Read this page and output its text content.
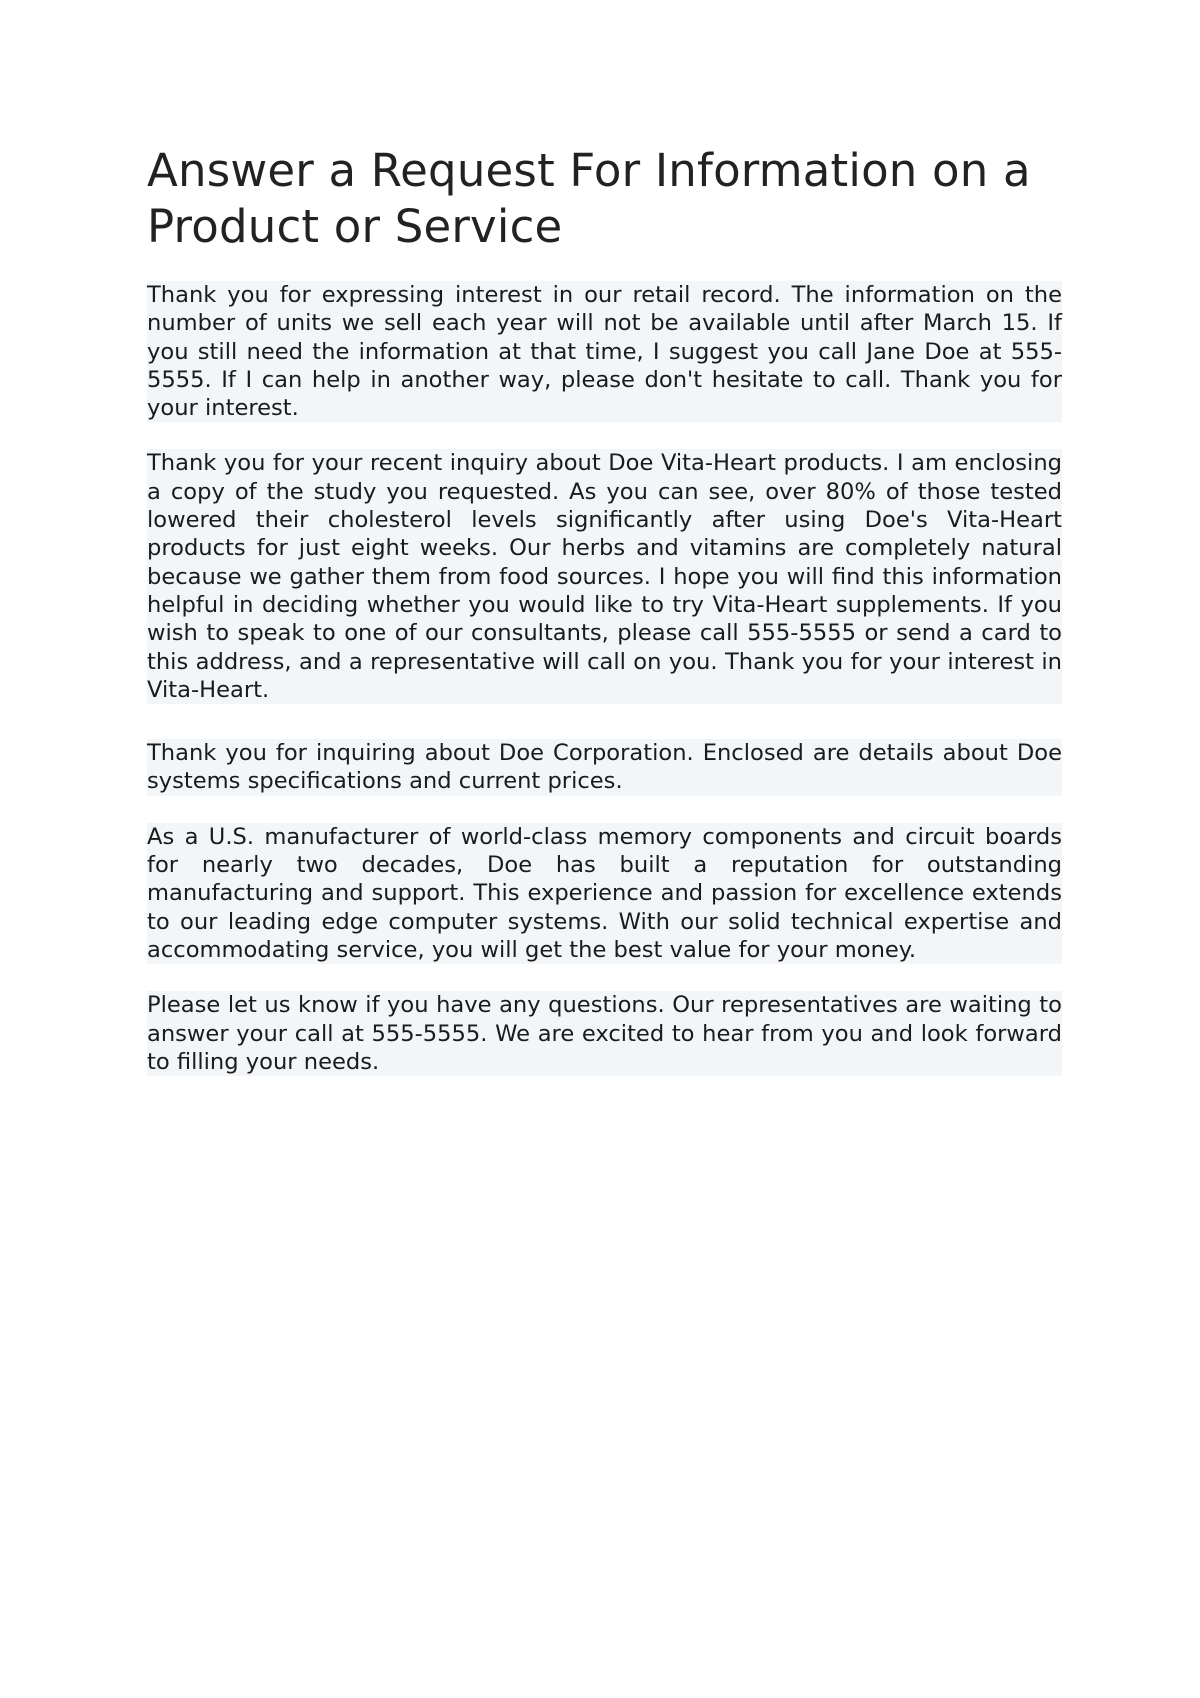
Answer a Request For Information on a Product or Service

Thank you for expressing interest in our retail record. The information on the number of units we sell each year will not be available until after March 15. If you still need the information at that time, I suggest you call Jane Doe at 555-5555. If I can help in another way, please don't hesitate to call. Thank you for your interest.

Thank you for your recent inquiry about Doe Vita-Heart products. I am enclosing a copy of the study you requested. As you can see, over 80% of those tested lowered their cholesterol levels significantly after using Doe's Vita-Heart products for just eight weeks. Our herbs and vitamins are completely natural because we gather them from food sources. I hope you will find this information helpful in deciding whether you would like to try Vita-Heart supplements. If you wish to speak to one of our consultants, please call 555-5555 or send a card to this address, and a representative will call on you. Thank you for your interest in Vita-Heart.

Thank you for inquiring about Doe Corporation. Enclosed are details about Doe systems specifications and current prices.

As a U.S. manufacturer of world-class memory components and circuit boards for nearly two decades, Doe has built a reputation for outstanding manufacturing and support. This experience and passion for excellence extends to our leading edge computer systems. With our solid technical expertise and accommodating service, you will get the best value for your money.

Please let us know if you have any questions. Our representatives are waiting to answer your call at 555-5555. We are excited to hear from you and look forward to filling your needs.
